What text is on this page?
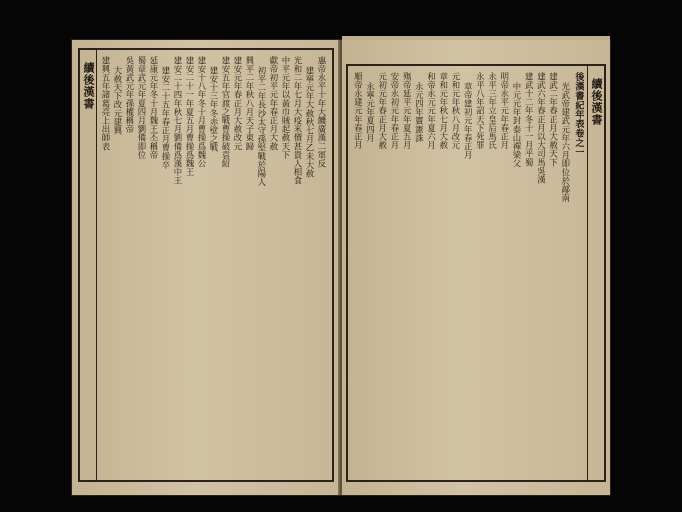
續後漢書	惠帝永平十年大饑廣漢二軍反
建寧元年大赦秋七月乙未大赦
光和二年七月大疫米價甚貴人相食
中平元年以黃巾賊起赦天下
獻帝初平元年春正月大赦
初平二年長沙太守孫堅戰於陽人
興平二年秋八月天子東歸
建安元年春正月大赦改元
建安五年官渡之戰曹操破袁紹
建安十三年冬赤壁之戰
建安十八年冬十月曹操爲魏公
建安二十一年夏五月曹操爲魏王
建安二十四年秋七月劉備爲漢中王
建安二十五年春正月曹操卒
延康元年冬十月魏王丕稱帝
蜀章武元年夏四月劉備即位
吳黃武元年孫權稱帝
大赦天下改元建興
建興五年諸葛亮上出師表	續後漢書
後漢書紀年表卷之一
光武帝建武元年六月即位於鄗南
建武二年春正月大赦天下
建武六年春正月以大司馬吳漢
建武十二年冬十一月平蜀
中元元年封泰山禪梁父
明帝永平元年春正月
永平三年立皇后馬氏
永平八年詔天下死罪
章帝建初元年春正月
元和元年秋八月改元
章和元年秋七月大赦
和帝永元元年夏六月
永元四年竇憲誅
殤帝延平元年夏五月
安帝永初元年春正月
元初元年春正月大赦
永寧元年夏四月
順帝永建元年春正月
